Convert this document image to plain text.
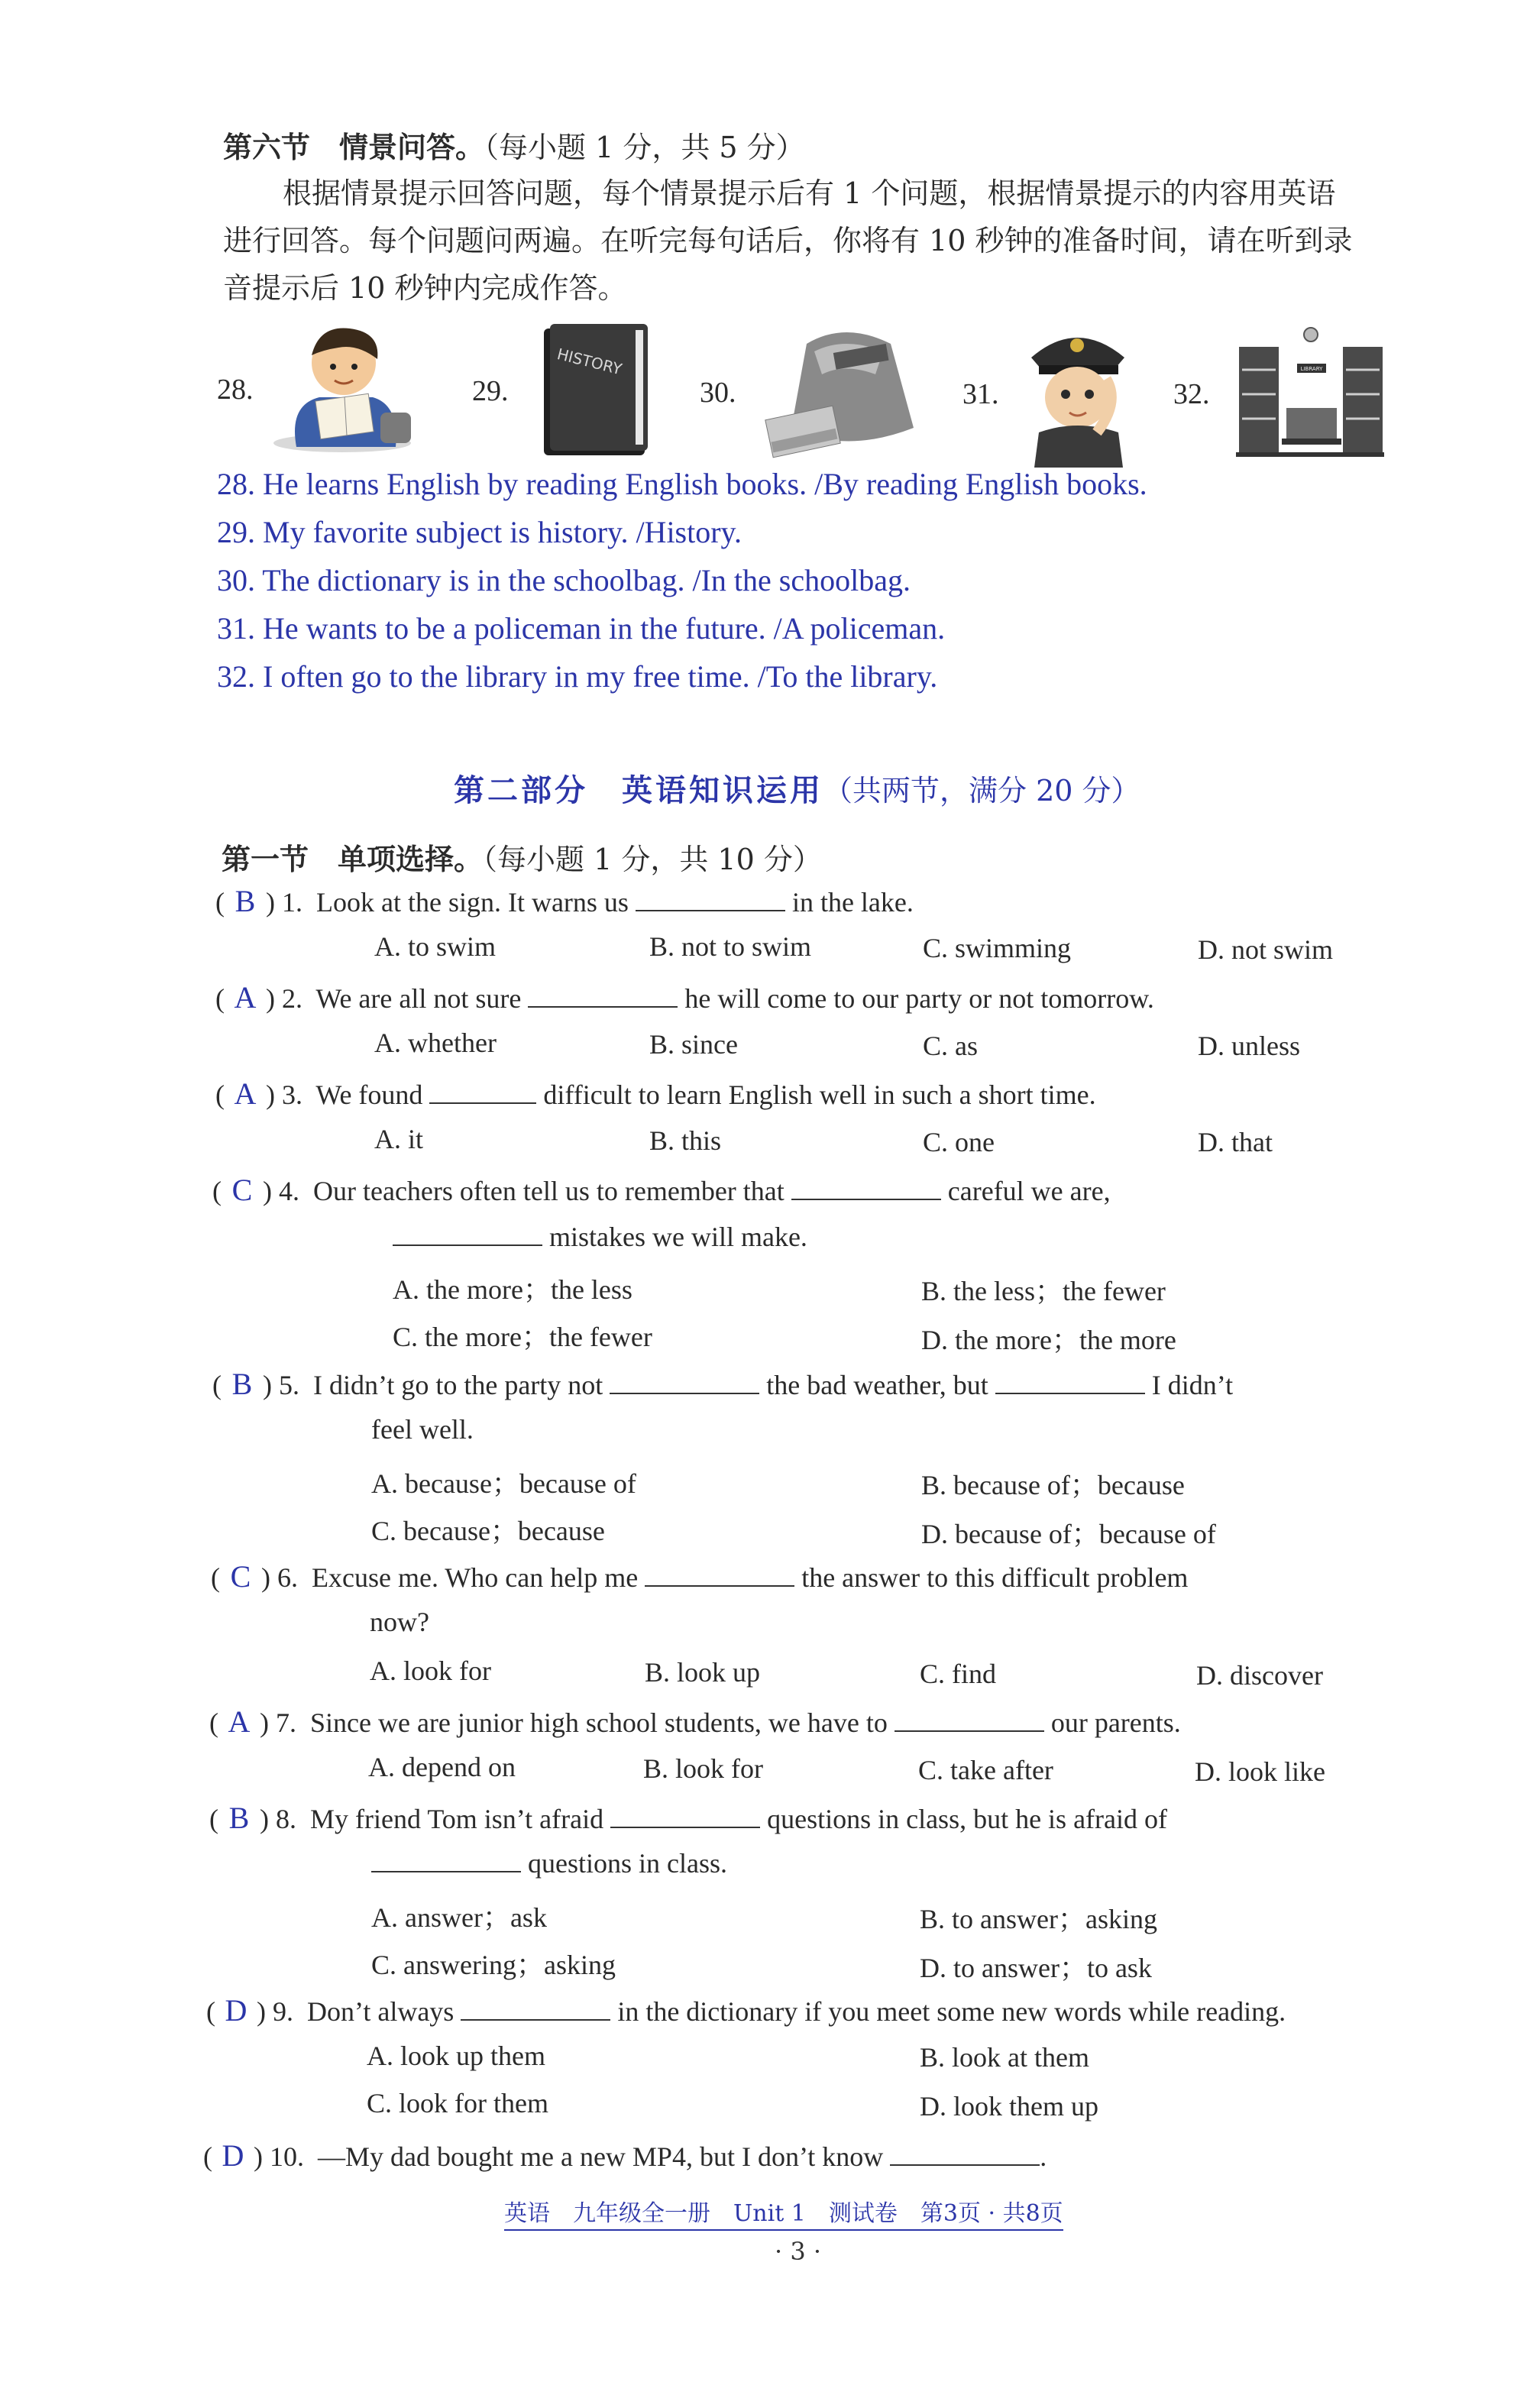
第六节　情景问答。（每小题 1 分，共 5 分）
根据情景提示回答问题，每个情景提示后有 1 个问题，根据情景提示的内容用英语
进行回答。每个问题问两遍。在听完每句话后，你将有 10 秒钟的准备时间，请在听到录
音提示后 10 秒钟内完成作答。
28.	29.
HISTORY
30.	31.	32.
LIBRARY
28. He learns English by reading English books. /By reading English books.
29. My favorite subject is history. /History.
30. The dictionary is in the schoolbag. /In the schoolbag.
31. He wants to be a policeman in the future. /A policeman.
32. I often go to the library in my free time. /To the library.
第二部分　英语知识运用（共两节，满分 20 分）
第一节　单项选择。（每小题 1 分，共 10 分）
( B ) 1. Look at the sign. It warns us	in the lake.
A. to swim	B. not to swim	C. swimming	D. not swim
( A ) 2. We are all not sure	he will come to our party or not tomorrow.
A. whether	B. since	C. as	D. unless
( A ) 3. We found	difficult to learn English well in such a short time.
A. it	B. this	C. one	D. that
( C ) 4. Our teachers often tell us to remember that	careful we are,
mistakes we will make.
A. the more；the less	B. the less；the fewer
C. the more；the fewer	D. the more；the more
( B ) 5. I didn’t go to the party not	the bad weather, but	I didn’t
feel well.
A. because；because of	B. because of；because
C. because；because	D. because of；because of
( C ) 6. Excuse me. Who can help me	the answer to this difficult problem
now?
A. look for	B. look up	C. find	D. discover
( A ) 7. Since we are junior high school students, we have to	our parents.
A. depend on	B. look for	C. take after	D. look like
( B ) 8. My friend Tom isn’t afraid	questions in class, but he is afraid of
questions in class.
A. answer；ask	B. to answer；asking
C. answering；asking	D. to answer；to ask
( D ) 9. Don’t always	in the dictionary if you meet some new words while reading.
A. look up them	B. look at them
C. look for them	D. look them up
( D ) 10. —My dad bought me a new MP4, but I don’t know	.
英语　九年级全一册　Unit 1　测试卷　第3页 · 共8页
· 3 ·
